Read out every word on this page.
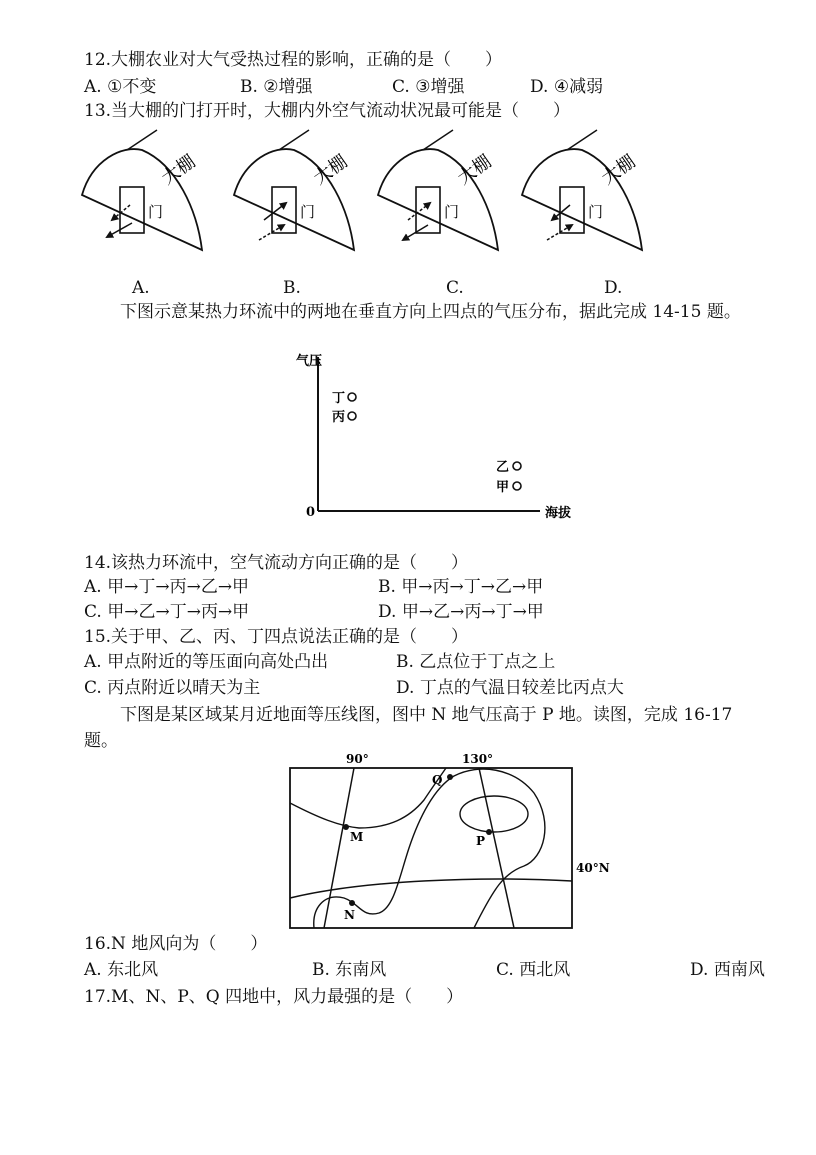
12.大棚农业对大气受热过程的影响，正确的是（　　）
A. ①不变	B. ②增强	C. ③增强	D. ④减弱
13.当大棚的门打开时，大棚内外空气流动状况最可能是（　　）
大棚
门
大棚
门
大棚
门
大棚
门
A.	B.	C.	D.
下图示意某热力环流中的两地在垂直方向上四点的气压分布，据此完成 14-15 题。
气压
海拔
0
丁
丙
乙
甲
14.该热力环流中，空气流动方向正确的是（　　）
A. 甲→丁→丙→乙→甲	B. 甲→丙→丁→乙→甲
C. 甲→乙→丁→丙→甲	D. 甲→乙→丙→丁→甲
15.关于甲、乙、丙、丁四点说法正确的是（　　）
A. 甲点附近的等压面向高处凸出	B. 乙点位于丁点之上
C. 丙点附近以晴天为主	D. 丁点的气温日较差比丙点大
下图是某区域某月近地面等压线图，图中 N 地气压高于 P 地。读图，完成 16-17
题。
90°	130°
40°N
Q
M	P
N
16.N 地风向为（　　）
A. 东北风	B. 东南风	C. 西北风	D. 西南风
17.M、N、P、Q 四地中，风力最强的是（　　）
